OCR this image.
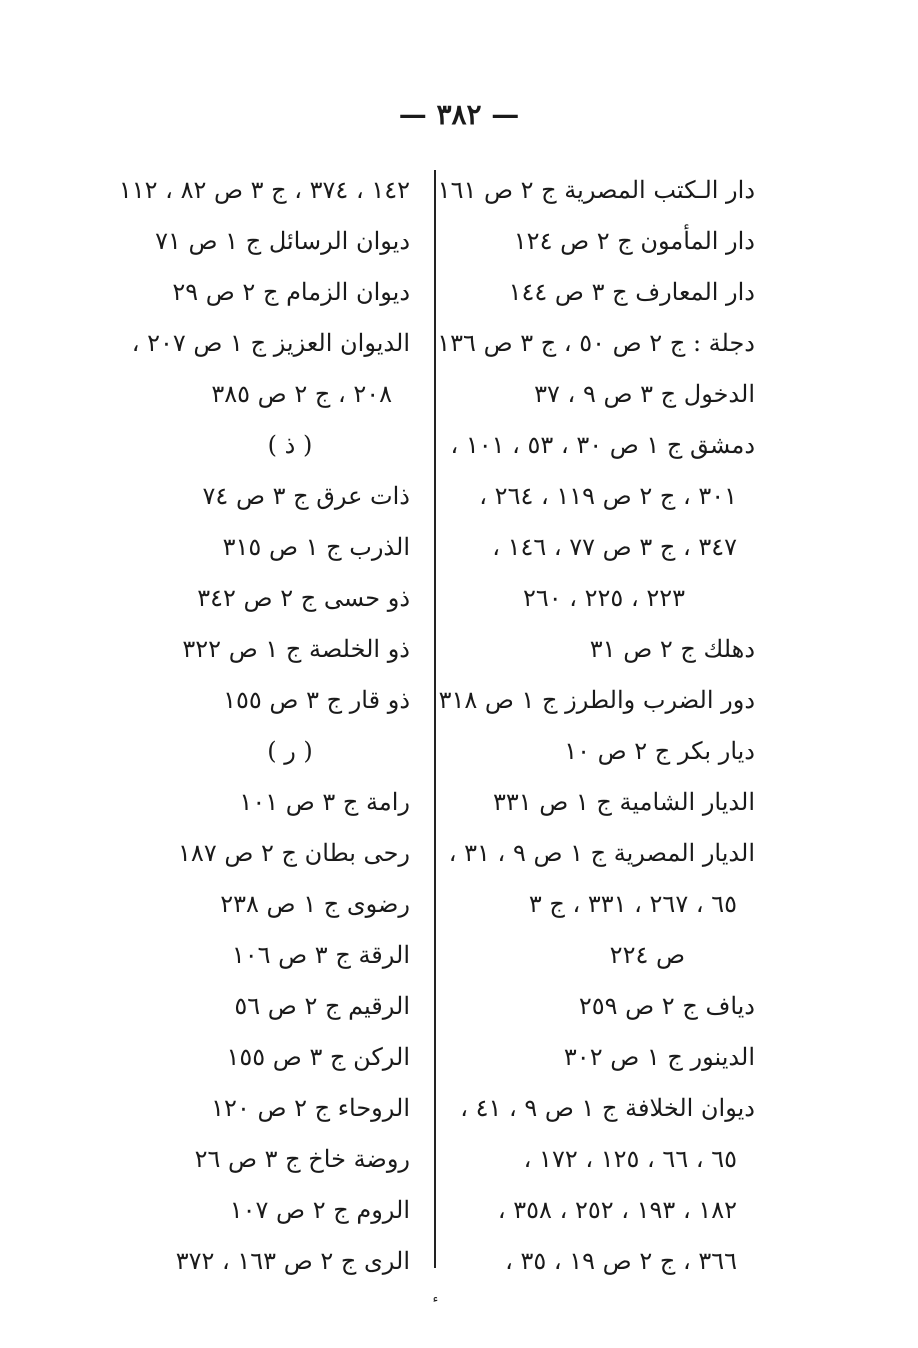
— ٣٨٢ —
دار الـكتب المصرية ج ٢ ص ١٦١
دار المأمون ج ٢ ص ١٢٤
دار المعارف ج ٣ ص ١٤٤
دجلة : ج ٢ ص ٥٠ ، ج ٣ ص ١٣٦
الدخول ج ٣ ص ٩ ، ٣٧
دمشق ج ١ ص ٣٠ ، ٥٣ ، ١٠١ ،
٣٠١ ، ج ٢ ص ١١٩ ، ٢٦٤ ،
٣٤٧ ، ج ٣ ص ٧٧ ، ١٤٦ ،
٢٢٣ ، ٢٢٥ ، ٢٦٠
دهلك ج ٢ ص ٣١
دور الضرب والطرز ج ١ ص ٣١٨
ديار بكر ج ٢ ص ١٠
الديار الشامية ج ١ ص ٣٣١
الديار المصرية ج ١ ص ٩ ، ٣١ ،
٦٥ ، ٢٦٧ ، ٣٣١ ، ج ٣
ص ٢٢٤
دياف ج ٢ ص ٢٥٩
الدينور ج ١ ص ٣٠٢
ديوان الخلافة ج ١ ص ٩ ، ٤١ ،
٦٥ ، ٦٦ ، ١٢٥ ، ١٧٢ ،
١٨٢ ، ١٩٣ ، ٢٥٢ ، ٣٥٨ ،
٣٦٦ ، ج ٢ ص ١٩ ، ٣٥ ،
١٤٢ ، ٣٧٤ ، ج ٣ ص ٨٢ ، ١١٢
ديوان الرسائل ج ١ ص ٧١
ديوان الزمام ج ٢ ص ٢٩
الديوان العزيز ج ١ ص ٢٠٧ ،
٢٠٨ ، ج ٢ ص ٣٨٥
( ذ )
ذات عرق ج ٣ ص ٧٤
الذرب ج ١ ص ٣١٥
ذو حسى ج ٢ ص ٣٤٢
ذو الخلصة ج ١ ص ٣٢٢
ذو قار ج ٣ ص ١٥٥
( ر )
رامة ج ٣ ص ١٠١
رحى بطان ج ٢ ص ١٨٧
رضوى ج ١ ص ٢٣٨
الرقة ج ٣ ص ١٠٦
الرقيم ج ٢ ص ٥٦
الركن ج ٣ ص ١٥٥
الروحاء ج ٢ ص ١٢٠
روضة خاخ ج ٣ ص ٢٦
الروم ج ٢ ص ١٠٧
الرى ج ٢ ص ١٦٣ ، ٣٧٢
